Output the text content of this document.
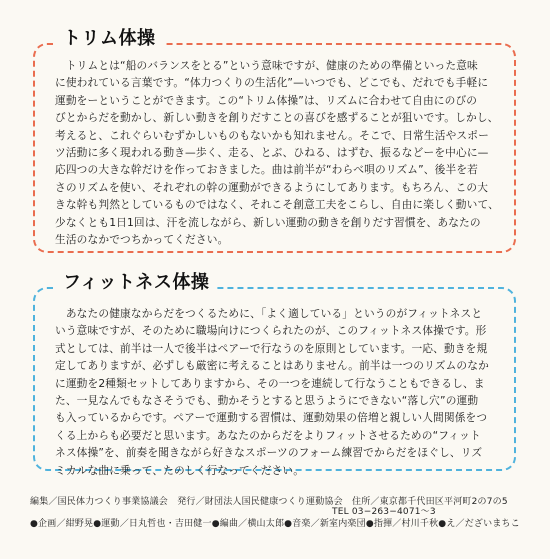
トリム体操
　トリムとは“船のバランスをとる”という意味ですが、健康のための準備といった意味
に使われている言葉です。“体力つくりの生活化”—いつでも、どこでも、だれでも手軽に
運動をーということができます。この“トリム体操”は、リズムに合わせて自由にのびの
びとからだを動かし、新しい動きを創りだすことの喜びを感ずることが狙いです。しかし、
考えると、これぐらいむずかしいものもないかも知れません。そこで、日常生活やスポー
ツ活動に多く現われる動き—歩く、走る、とぶ、ひねる、はずむ、振るなどーを中心に—
応四つの大きな幹だけを作っておきました。曲は前半が“わらべ唄のリズム”、後半を若
さのリズムを使い、それぞれの幹の運動ができるようにしてあります。もちろん、この大
きな幹も判然としているものではなく、それこそ創意工夫をこらし、自由に楽しく動いて、
少なくとも1日1回は、汗を流しながら、新しい運動の動きを創りだす習慣を、あなたの
生活のなかでつちかってください。
フィットネス体操
　あなたの健康なからだをつくるために、「よく適している」というのがフィットネスと
いう意味ですが、そのために職場向けにつくられたのが、このフィットネス体操です。形
式としては、前半は一人で後半はペアーで行なうのを原則としています。一応、動きを規
定してありますが、必ずしも厳密に考えることはありません。前半は一つのリズムのなか
に運動を2種類セットしてありますから、その一つを連続して行なうこともできるし、ま
た、一見なんでもなさそうでも、動かそうとすると思うようにできない“落し穴”の運動
も入っているからです。ペアーで運動する習慣は、運動効果の倍増と親しい人間関係をつ
くる上からも必要だと思います。あなたのからだをよりフィットさせるための“フィット
ネス体操”を、前奏を聞きながら好きなスポーツのフォーム練習でからだをほぐし、リズ
ミカルな曲に乗って、たのしく行なってください。
編集／国民体力つくり事業協議会　発行／財団法人国民健康つくり運動協会　住所／東京都千代田区平河町2の7の5
TEL 03−263−4071〜3
●企画／紺野晃●運動／日丸哲也・吉田健一●編曲／横山太郎●音楽／新室内楽団●指揮／村川千秋●え／だざいまちこ
